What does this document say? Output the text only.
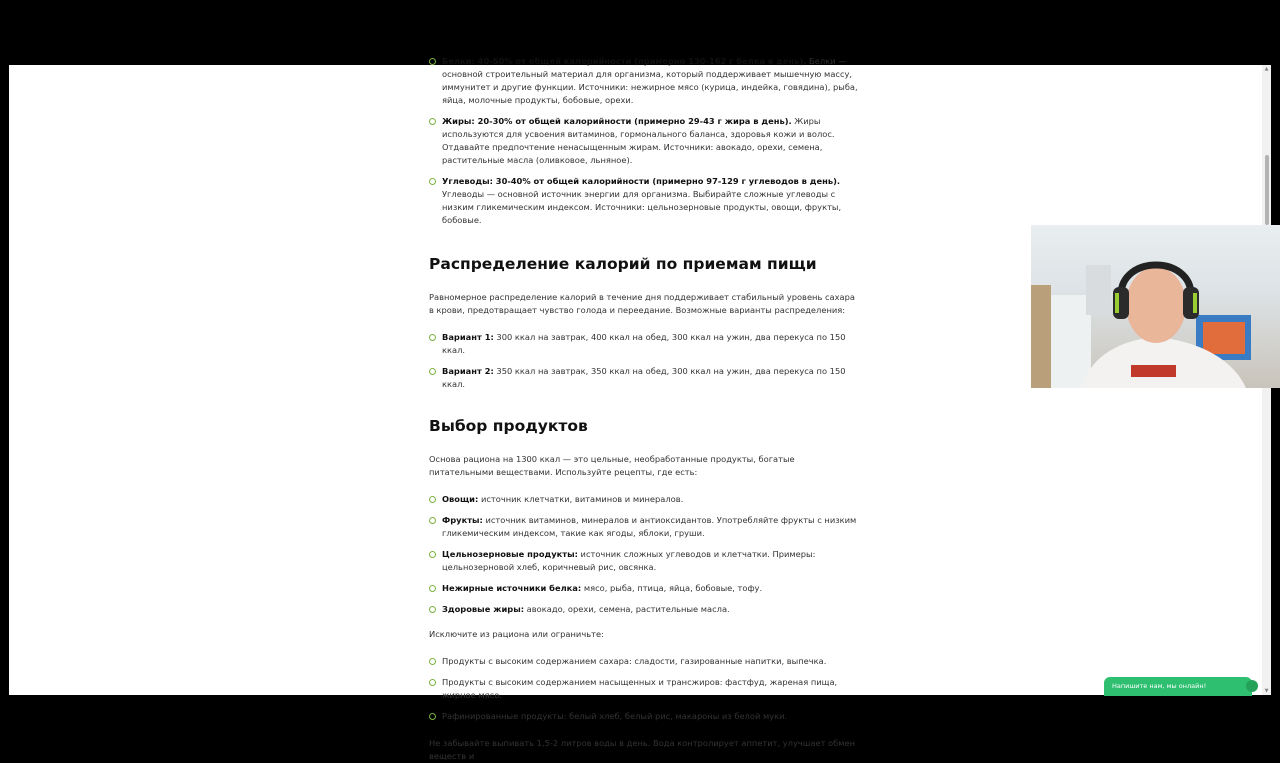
Белки: 40-50% от общей калорийности (примерно 130-162 г белка в день). Белки — основной строительный материал для организма, который поддерживает мышечную массу, иммунитет и другие функции. Источники: нежирное мясо (курица, индейка, говядина), рыба, яйца, молочные продукты, бобовые, орехи.
Жиры: 20-30% от общей калорийности (примерно 29-43 г жира в день). Жиры используются для усвоения витаминов, гормонального баланса, здоровья кожи и волос. Отдавайте предпочтение ненасыщенным жирам. Источники: авокадо, орехи, семена, растительные масла (оливковое, льняное).
Углеводы: 30-40% от общей калорийности (примерно 97-129 г углеводов в день). Углеводы — основной источник энергии для организма. Выбирайте сложные углеводы с низким гликемическим индексом. Источники: цельнозерновые продукты, овощи, фрукты, бобовые.
Распределение калорий по приемам пищи

Равномерное распределение калорий в течение дня поддерживает стабильный уровень сахара в крови, предотвращает чувство голода и переедание. Возможные варианты распределения:

Вариант 1: 300 ккал на завтрак, 400 ккал на обед, 300 ккал на ужин, два перекуса по 150 ккал.
Вариант 2: 350 ккал на завтрак, 350 ккал на обед, 300 ккал на ужин, два перекуса по 150 ккал.
Выбор продуктов

Основа рациона на 1300 ккал — это цельные, необработанные продукты, богатые питательными веществами. Используйте рецепты, где есть:

Овощи: источник клетчатки, витаминов и минералов.
Фрукты: источник витаминов, минералов и антиоксидантов. Употребляйте фрукты с низким гликемическим индексом, такие как ягоды, яблоки, груши.
Цельнозерновые продукты: источник сложных углеводов и клетчатки. Примеры: цельнозерновой хлеб, коричневый рис, овсянка.
Нежирные источники белка: мясо, рыба, птица, яйца, бобовые, тофу.
Здоровые жиры: авокадо, орехи, семена, растительные масла.

Исключите из рациона или ограничьте:

Продукты с высоким содержанием сахара: сладости, газированные напитки, выпечка.
Продукты с высоким содержанием насыщенных и трансжиров: фастфуд, жареная пища, жирное мясо.
Рафинированные продукты: белый хлеб, белый рис, макароны из белой муки.

Не забывайте выпивать 1,5-2 литров воды в день. Вода контролирует аппетит, улучшает обмен веществ и

▲
▼
Напишите нам, мы онлайн!
